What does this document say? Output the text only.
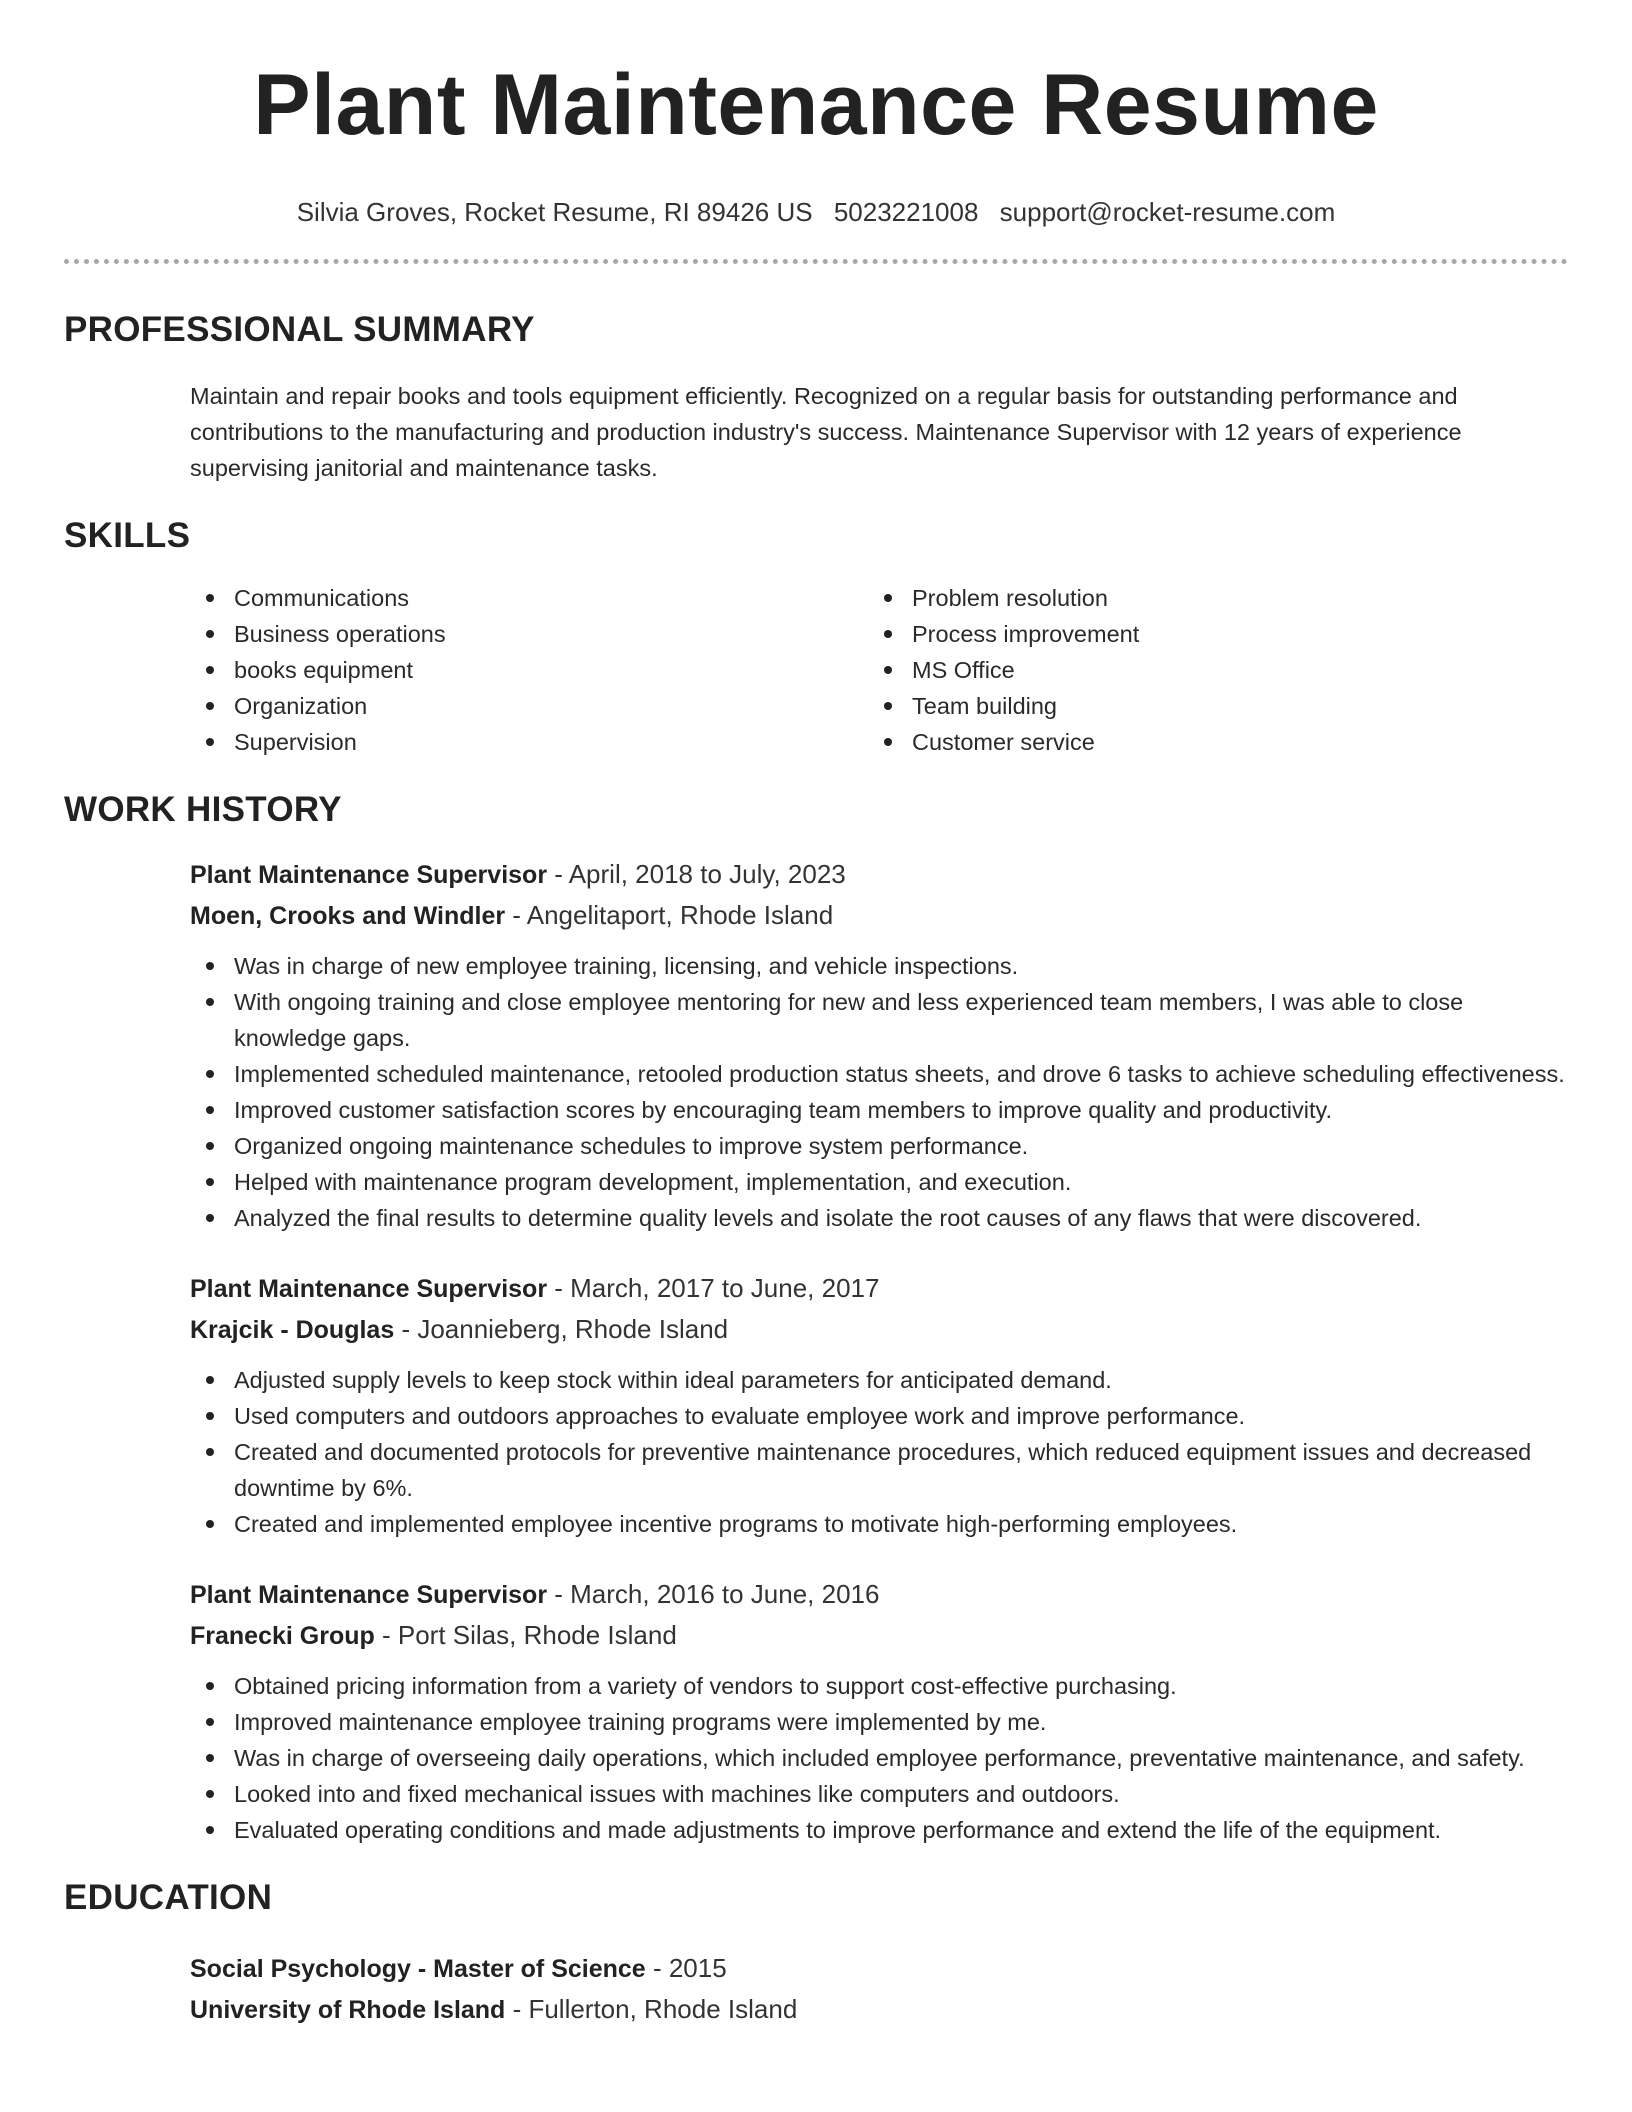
Plant Maintenance Resume
Silvia Groves, Rocket Resume, RI 89426 US 5023221008 support@rocket-resume.com
PROFESSIONAL SUMMARY

Maintain and repair books and tools equipment efficiently. Recognized on a regular basis for outstanding performance and contributions to the manufacturing and production industry's success. Maintenance Supervisor with 12 years of experience supervising janitorial and maintenance tasks.

SKILLS
Communications
Business operations
books equipment
Organization
Supervision
Problem resolution
Process improvement
MS Office
Team building
Customer service
WORK HISTORY
Plant Maintenance Supervisor - April, 2018 to July, 2023
Moen, Crooks and Windler - Angelitaport, Rhode Island
Was in charge of new employee training, licensing, and vehicle inspections.
With ongoing training and close employee mentoring for new and less experienced team members, I was able to close knowledge gaps.
Implemented scheduled maintenance, retooled production status sheets, and drove 6 tasks to achieve scheduling effectiveness.
Improved customer satisfaction scores by encouraging team members to improve quality and productivity.
Organized ongoing maintenance schedules to improve system performance.
Helped with maintenance program development, implementation, and execution.
Analyzed the final results to determine quality levels and isolate the root causes of any flaws that were discovered.
Plant Maintenance Supervisor - March, 2017 to June, 2017
Krajcik - Douglas - Joannieberg, Rhode Island
Adjusted supply levels to keep stock within ideal parameters for anticipated demand.
Used computers and outdoors approaches to evaluate employee work and improve performance.
Created and documented protocols for preventive maintenance procedures, which reduced equipment issues and decreased downtime by 6%.
Created and implemented employee incentive programs to motivate high-performing employees.
Plant Maintenance Supervisor - March, 2016 to June, 2016
Franecki Group - Port Silas, Rhode Island
Obtained pricing information from a variety of vendors to support cost-effective purchasing.
Improved maintenance employee training programs were implemented by me.
Was in charge of overseeing daily operations, which included employee performance, preventative maintenance, and safety.
Looked into and fixed mechanical issues with machines like computers and outdoors.
Evaluated operating conditions and made adjustments to improve performance and extend the life of the equipment.
EDUCATION
Social Psychology - Master of Science - 2015
University of Rhode Island - Fullerton, Rhode Island
